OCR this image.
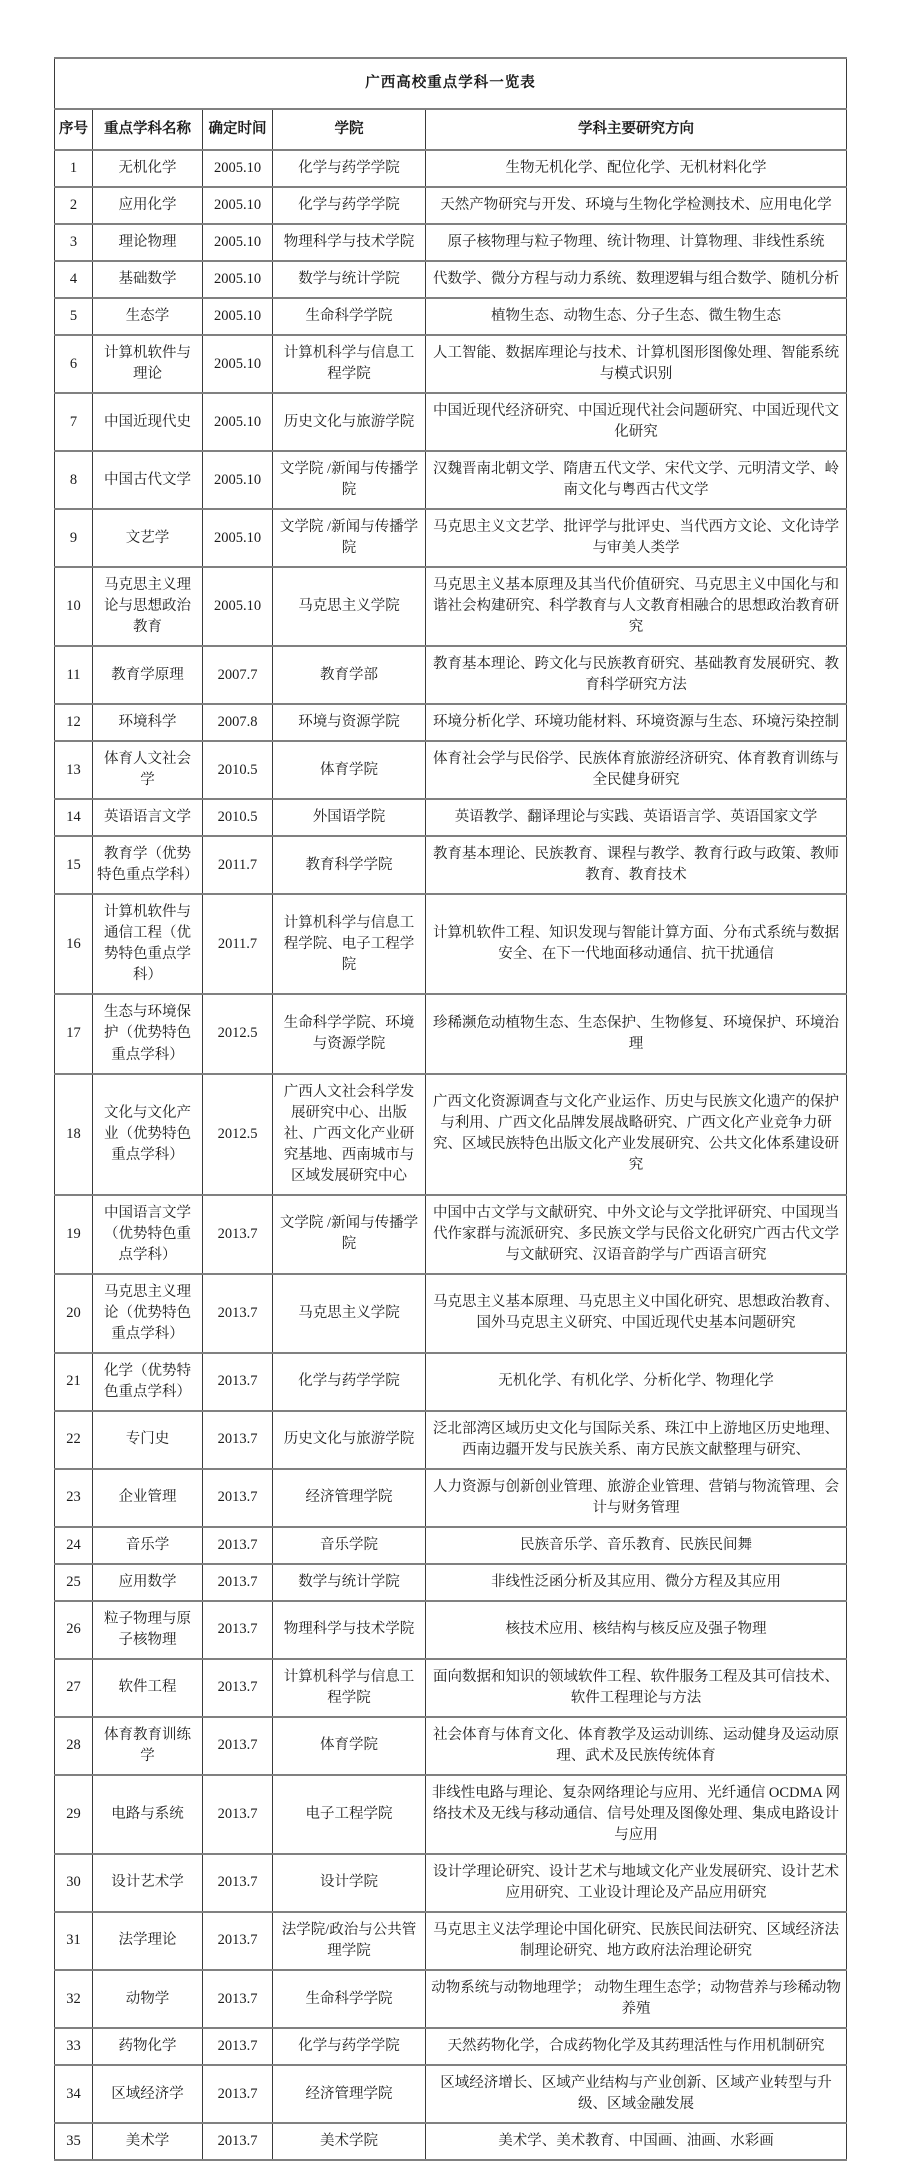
广西高校重点学科一览表				
序号	重点学科名称	确定时间	学院	学科主要研究方向
1	无机化学	2005.10	化学与药学学院	生物无机化学、配位化学、无机材料化学
2	应用化学	2005.10	化学与药学学院	天然产物研究与开发、环境与生物化学检测技术、应用电化学
3	理论物理	2005.10	物理科学与技术学院	原子核物理与粒子物理、统计物理、计算物理、非线性系统
4	基础数学	2005.10	数学与统计学院	代数学、微分方程与动力系统、数理逻辑与组合数学、随机分析
5	生态学	2005.10	生命科学学院	植物生态、动物生态、分子生态、微生物生态
6	计算机软件与理论	2005.10	计算机科学与信息工程学院	人工智能、数据库理论与技术、计算机图形图像处理、智能系统与模式识别
7	中国近现代史	2005.10	历史文化与旅游学院	中国近现代经济研究、中国近现代社会问题研究、中国近现代文化研究
8	中国古代文学	2005.10	文学院 /新闻与传播学院	汉魏晋南北朝文学、隋唐五代文学、宋代文学、元明清文学、岭南文化与粤西古代文学
9	文艺学	2005.10	文学院 /新闻与传播学院	马克思主义文艺学、批评学与批评史、当代西方文论、文化诗学与审美人类学
10	马克思主义理论与思想政治教育	2005.10	马克思主义学院	马克思主义基本原理及其当代价值研究、马克思主义中国化与和谐社会构建研究、科学教育与人文教育相融合的思想政治教育研究
11	教育学原理	2007.7	教育学部	教育基本理论、跨文化与民族教育研究、基础教育发展研究、教育科学研究方法
12	环境科学	2007.8	环境与资源学院	环境分析化学、环境功能材料、环境资源与生态、环境污染控制
13	体育人文社会学	2010.5	体育学院	体育社会学与民俗学、民族体育旅游经济研究、体育教育训练与全民健身研究
14	英语语言文学	2010.5	外国语学院	英语教学、翻译理论与实践、英语语言学、英语国家文学
15	教育学（优势特色重点学科）	2011.7	教育科学学院	教育基本理论、民族教育、课程与教学、教育行政与政策、教师教育、教育技术
16	计算机软件与通信工程（优势特色重点学科）	2011.7	计算机科学与信息工程学院、电子工程学院	计算机软件工程、知识发现与智能计算方面、分布式系统与数据安全、在下一代地面移动通信、抗干扰通信
17	生态与环境保护（优势特色重点学科）	2012.5	生命科学学院、环境与资源学院	珍稀濒危动植物生态、生态保护、生物修复、环境保护、环境治理
18	文化与文化产业（优势特色重点学科）	2012.5	广西人文社会科学发展研究中心、出版社、广西文化产业研究基地、西南城市与区域发展研究中心	广西文化资源调查与文化产业运作、历史与民族文化遗产的保护与利用、广西文化品牌发展战略研究、广西文化产业竞争力研究、区域民族特色出版文化产业发展研究、公共文化体系建设研究
19	中国语言文学（优势特色重点学科）	2013.7	文学院 /新闻与传播学院	中国中古文学与文献研究、中外文论与文学批评研究、中国现当代作家群与流派研究、多民族文学与民俗文化研究广西古代文学与文献研究、汉语音韵学与广西语言研究
20	马克思主义理论（优势特色重点学科）	2013.7	马克思主义学院	马克思主义基本原理、马克思主义中国化研究、思想政治教育、国外马克思主义研究、中国近现代史基本问题研究
21	化学（优势特色重点学科）	2013.7	化学与药学学院	无机化学、有机化学、分析化学、物理化学
22	专门史	2013.7	历史文化与旅游学院	泛北部湾区域历史文化与国际关系、珠江中上游地区历史地理、西南边疆开发与民族关系、南方民族文献整理与研究、
23	企业管理	2013.7	经济管理学院	人力资源与创新创业管理、旅游企业管理、营销与物流管理、会计与财务管理
24	音乐学	2013.7	音乐学院	民族音乐学、音乐教育、民族民间舞
25	应用数学	2013.7	数学与统计学院	非线性泛函分析及其应用、微分方程及其应用
26	粒子物理与原子核物理	2013.7	物理科学与技术学院	核技术应用、核结构与核反应及强子物理
27	软件工程	2013.7	计算机科学与信息工程学院	面向数据和知识的领域软件工程、软件服务工程及其可信技术、软件工程理论与方法
28	体育教育训练学	2013.7	体育学院	社会体育与体育文化、体育教学及运动训练、运动健身及运动原理、武术及民族传统体育
29	电路与系统	2013.7	电子工程学院	非线性电路与理论、复杂网络理论与应用、光纤通信 OCDMA 网络技术及无线与移动通信、信号处理及图像处理、集成电路设计与应用
30	设计艺术学	2013.7	设计学院	设计学理论研究、设计艺术与地域文化产业发展研究、设计艺术应用研究、工业设计理论及产品应用研究
31	法学理论	2013.7	法学院/政治与公共管理学院	马克思主义法学理论中国化研究、民族民间法研究、区域经济法制理论研究、地方政府法治理论研究
32	动物学	2013.7	生命科学学院	动物系统与动物地理学； 动物生理生态学；动物营养与珍稀动物养殖
33	药物化学	2013.7	化学与药学学院	天然药物化学，合成药物化学及其药理活性与作用机制研究
34	区域经济学	2013.7	经济管理学院	区域经济增长、区域产业结构与产业创新、区域产业转型与升级、区域金融发展
35	美术学	2013.7	美术学院	美术学、美术教育、中国画、油画、水彩画
